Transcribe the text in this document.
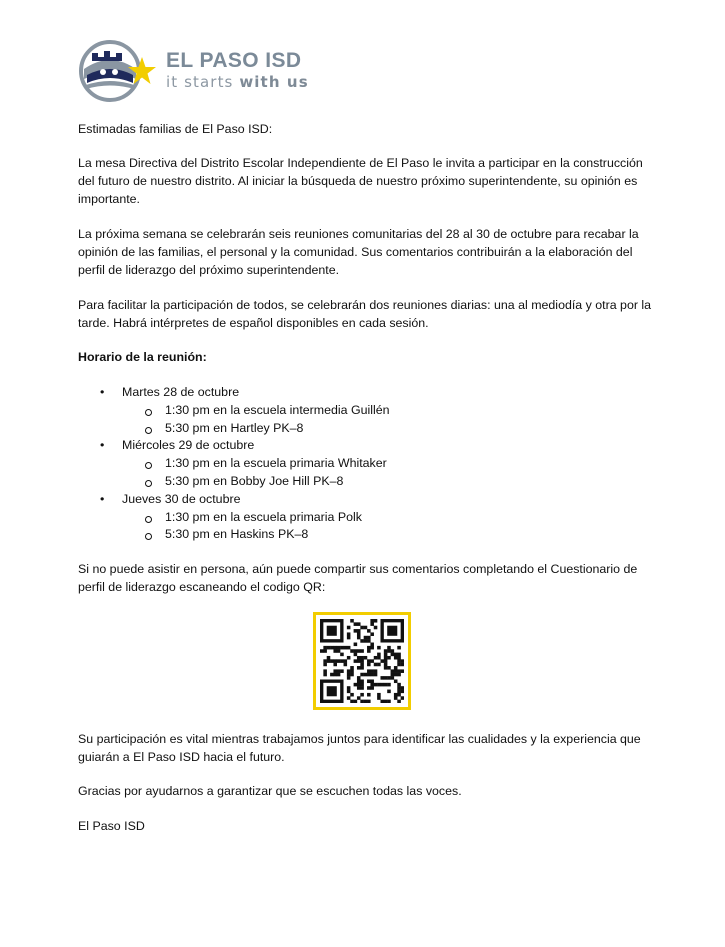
EL PASO ISD
it starts with us

Estimadas familias de El Paso ISD:

La mesa Directiva del Distrito Escolar Independiente de El Paso le invita a participar en la construcción del futuro de nuestro distrito. Al iniciar la búsqueda de nuestro próximo superintendente, su opinión es importante.

La próxima semana se celebrarán seis reuniones comunitarias del 28 al 30 de octubre para recabar la opinión de las familias, el personal y la comunidad. Sus comentarios contribuirán a la elaboración del perfil de liderazgo del próximo superintendente.

Para facilitar la participación de todos, se celebrarán dos reuniones diarias: una al mediodía y otra por la tarde. Habrá intérpretes de español disponibles en cada sesión.

Horario de la reunión:

• Martes 28 de octubre
1:30 pm en la escuela intermedia Guillén
5:30 pm en Hartley PK–8
• Miércoles 29 de octubre
1:30 pm en la escuela primaria Whitaker
5:30 pm en Bobby Joe Hill PK–8
• Jueves 30 de octubre
1:30 pm en la escuela primaria Polk
5:30 pm en Haskins PK–8

Si no puede asistir en persona, aún puede compartir sus comentarios completando el Cuestionario de perfil de liderazgo escaneando el codigo QR:

Su participación es vital mientras trabajamos juntos para identificar las cualidades y la experiencia que guiarán a El Paso ISD hacia el futuro.

Gracias por ayudarnos a garantizar que se escuchen todas las voces.

El Paso ISD
